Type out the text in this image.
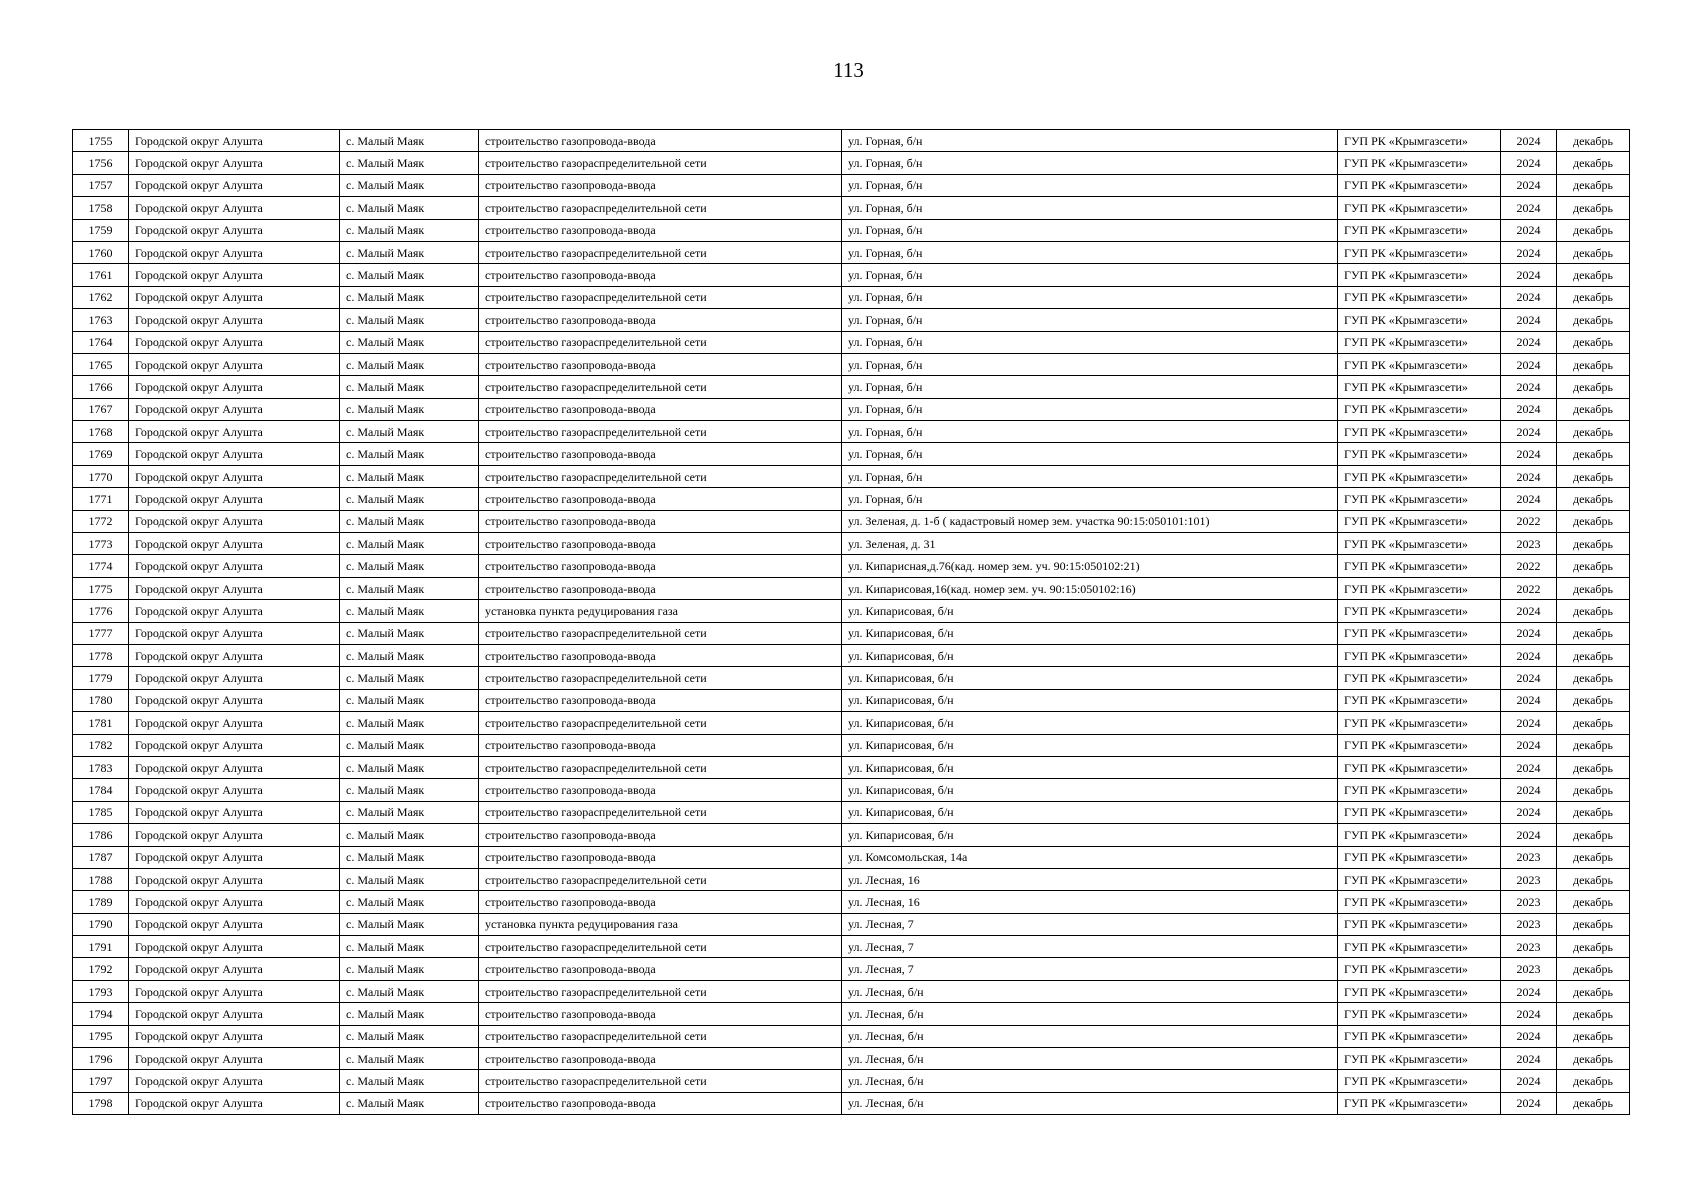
113
1755	Городской округ Алушта	с. Малый Маяк	строительство газопровода-ввода	ул. Горная, б/н	ГУП РК «Крымгазсети»	2024	декабрь
1756	Городской округ Алушта	с. Малый Маяк	строительство газораспределительной сети	ул. Горная, б/н	ГУП РК «Крымгазсети»	2024	декабрь
1757	Городской округ Алушта	с. Малый Маяк	строительство газопровода-ввода	ул. Горная, б/н	ГУП РК «Крымгазсети»	2024	декабрь
1758	Городской округ Алушта	с. Малый Маяк	строительство газораспределительной сети	ул. Горная, б/н	ГУП РК «Крымгазсети»	2024	декабрь
1759	Городской округ Алушта	с. Малый Маяк	строительство газопровода-ввода	ул. Горная, б/н	ГУП РК «Крымгазсети»	2024	декабрь
1760	Городской округ Алушта	с. Малый Маяк	строительство газораспределительной сети	ул. Горная, б/н	ГУП РК «Крымгазсети»	2024	декабрь
1761	Городской округ Алушта	с. Малый Маяк	строительство газопровода-ввода	ул. Горная, б/н	ГУП РК «Крымгазсети»	2024	декабрь
1762	Городской округ Алушта	с. Малый Маяк	строительство газораспределительной сети	ул. Горная, б/н	ГУП РК «Крымгазсети»	2024	декабрь
1763	Городской округ Алушта	с. Малый Маяк	строительство газопровода-ввода	ул. Горная, б/н	ГУП РК «Крымгазсети»	2024	декабрь
1764	Городской округ Алушта	с. Малый Маяк	строительство газораспределительной сети	ул. Горная, б/н	ГУП РК «Крымгазсети»	2024	декабрь
1765	Городской округ Алушта	с. Малый Маяк	строительство газопровода-ввода	ул. Горная, б/н	ГУП РК «Крымгазсети»	2024	декабрь
1766	Городской округ Алушта	с. Малый Маяк	строительство газораспределительной сети	ул. Горная, б/н	ГУП РК «Крымгазсети»	2024	декабрь
1767	Городской округ Алушта	с. Малый Маяк	строительство газопровода-ввода	ул. Горная, б/н	ГУП РК «Крымгазсети»	2024	декабрь
1768	Городской округ Алушта	с. Малый Маяк	строительство газораспределительной сети	ул. Горная, б/н	ГУП РК «Крымгазсети»	2024	декабрь
1769	Городской округ Алушта	с. Малый Маяк	строительство газопровода-ввода	ул. Горная, б/н	ГУП РК «Крымгазсети»	2024	декабрь
1770	Городской округ Алушта	с. Малый Маяк	строительство газораспределительной сети	ул. Горная, б/н	ГУП РК «Крымгазсети»	2024	декабрь
1771	Городской округ Алушта	с. Малый Маяк	строительство газопровода-ввода	ул. Горная, б/н	ГУП РК «Крымгазсети»	2024	декабрь
1772	Городской округ Алушта	с. Малый Маяк	строительство газопровода-ввода	ул. Зеленая, д. 1-б ( кадастровый номер зем. участка 90:15:050101:101)	ГУП РК «Крымгазсети»	2022	декабрь
1773	Городской округ Алушта	с. Малый Маяк	строительство газопровода-ввода	ул. Зеленая, д. 31	ГУП РК «Крымгазсети»	2023	декабрь
1774	Городской округ Алушта	с. Малый Маяк	строительство газопровода-ввода	ул. Кипарисная,д.76(кад. номер зем. уч. 90:15:050102:21)	ГУП РК «Крымгазсети»	2022	декабрь
1775	Городской округ Алушта	с. Малый Маяк	строительство газопровода-ввода	ул. Кипарисовая,16(кад. номер зем. уч. 90:15:050102:16)	ГУП РК «Крымгазсети»	2022	декабрь
1776	Городской округ Алушта	с. Малый Маяк	установка пункта редуцирования газа	ул. Кипарисовая, б/н	ГУП РК «Крымгазсети»	2024	декабрь
1777	Городской округ Алушта	с. Малый Маяк	строительство газораспределительной сети	ул. Кипарисовая, б/н	ГУП РК «Крымгазсети»	2024	декабрь
1778	Городской округ Алушта	с. Малый Маяк	строительство газопровода-ввода	ул. Кипарисовая, б/н	ГУП РК «Крымгазсети»	2024	декабрь
1779	Городской округ Алушта	с. Малый Маяк	строительство газораспределительной сети	ул. Кипарисовая, б/н	ГУП РК «Крымгазсети»	2024	декабрь
1780	Городской округ Алушта	с. Малый Маяк	строительство газопровода-ввода	ул. Кипарисовая, б/н	ГУП РК «Крымгазсети»	2024	декабрь
1781	Городской округ Алушта	с. Малый Маяк	строительство газораспределительной сети	ул. Кипарисовая, б/н	ГУП РК «Крымгазсети»	2024	декабрь
1782	Городской округ Алушта	с. Малый Маяк	строительство газопровода-ввода	ул. Кипарисовая, б/н	ГУП РК «Крымгазсети»	2024	декабрь
1783	Городской округ Алушта	с. Малый Маяк	строительство газораспределительной сети	ул. Кипарисовая, б/н	ГУП РК «Крымгазсети»	2024	декабрь
1784	Городской округ Алушта	с. Малый Маяк	строительство газопровода-ввода	ул. Кипарисовая, б/н	ГУП РК «Крымгазсети»	2024	декабрь
1785	Городской округ Алушта	с. Малый Маяк	строительство газораспределительной сети	ул. Кипарисовая, б/н	ГУП РК «Крымгазсети»	2024	декабрь
1786	Городской округ Алушта	с. Малый Маяк	строительство газопровода-ввода	ул. Кипарисовая, б/н	ГУП РК «Крымгазсети»	2024	декабрь
1787	Городской округ Алушта	с. Малый Маяк	строительство газопровода-ввода	ул. Комсомольская, 14а	ГУП РК «Крымгазсети»	2023	декабрь
1788	Городской округ Алушта	с. Малый Маяк	строительство газораспределительной сети	ул. Лесная, 16	ГУП РК «Крымгазсети»	2023	декабрь
1789	Городской округ Алушта	с. Малый Маяк	строительство газопровода-ввода	ул. Лесная, 16	ГУП РК «Крымгазсети»	2023	декабрь
1790	Городской округ Алушта	с. Малый Маяк	установка пункта редуцирования газа	ул. Лесная, 7	ГУП РК «Крымгазсети»	2023	декабрь
1791	Городской округ Алушта	с. Малый Маяк	строительство газораспределительной сети	ул. Лесная, 7	ГУП РК «Крымгазсети»	2023	декабрь
1792	Городской округ Алушта	с. Малый Маяк	строительство газопровода-ввода	ул. Лесная, 7	ГУП РК «Крымгазсети»	2023	декабрь
1793	Городской округ Алушта	с. Малый Маяк	строительство газораспределительной сети	ул. Лесная, б/н	ГУП РК «Крымгазсети»	2024	декабрь
1794	Городской округ Алушта	с. Малый Маяк	строительство газопровода-ввода	ул. Лесная, б/н	ГУП РК «Крымгазсети»	2024	декабрь
1795	Городской округ Алушта	с. Малый Маяк	строительство газораспределительной сети	ул. Лесная, б/н	ГУП РК «Крымгазсети»	2024	декабрь
1796	Городской округ Алушта	с. Малый Маяк	строительство газопровода-ввода	ул. Лесная, б/н	ГУП РК «Крымгазсети»	2024	декабрь
1797	Городской округ Алушта	с. Малый Маяк	строительство газораспределительной сети	ул. Лесная, б/н	ГУП РК «Крымгазсети»	2024	декабрь
1798	Городской округ Алушта	с. Малый Маяк	строительство газопровода-ввода	ул. Лесная, б/н	ГУП РК «Крымгазсети»	2024	декабрь
